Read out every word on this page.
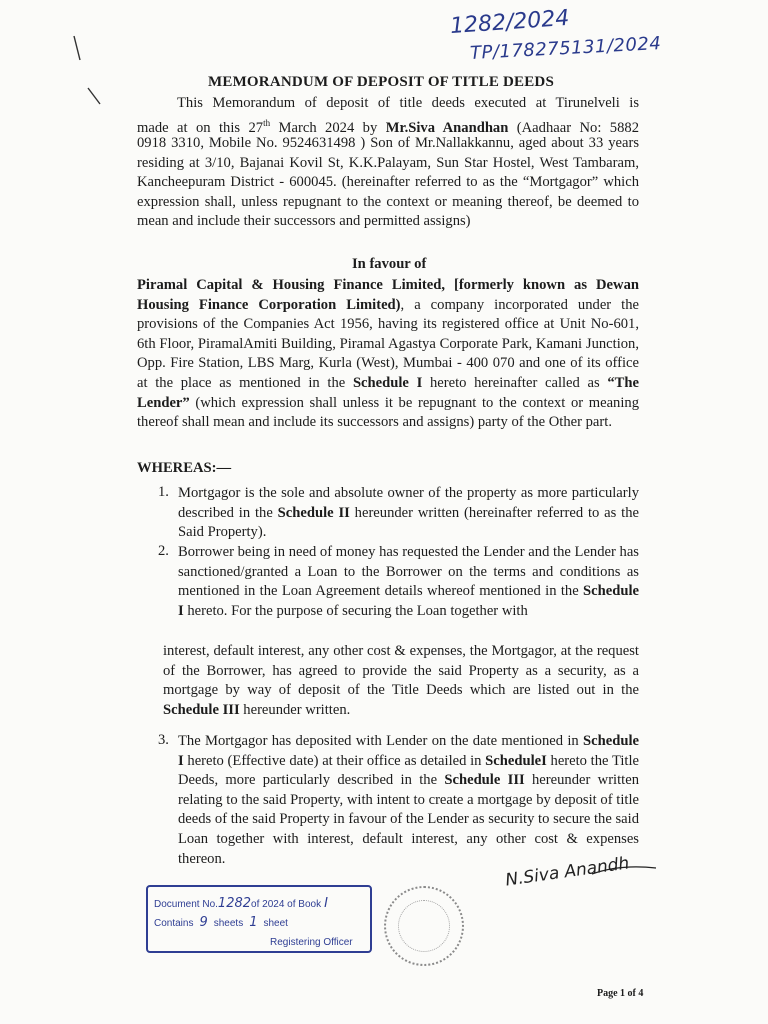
1282/2024
TP/178275131/2024
MEMORANDUM OF DEPOSIT OF TITLE DEEDS
This Memorandum of deposit of title deeds executed at Tirunelveli is
made at on this 27th March 2024 by Mr.Siva Anandhan (Aadhaar No: 5882
0918 3310, Mobile No. 9524631498 ) Son of Mr.Nallakkannu, aged about 33 years residing at 3/10, Bajanai Kovil St, K.K.Palayam, Sun Star Hostel, West Tambaram, Kancheepuram District - 600045. (hereinafter referred to as the “Mortgagor” which expression shall, unless repugnant to the context or meaning thereof, be deemed to mean and include their successors and permitted assigns)
In favour of
Piramal Capital & Housing Finance Limited, [formerly known as Dewan Housing Finance Corporation Limited), a company incorporated under the provisions of the Companies Act 1956, having its registered office at Unit No-601, 6th Floor, PiramalAmiti Building, Piramal Agastya Corporate Park, Kamani Junction, Opp. Fire Station, LBS Marg, Kurla (West), Mumbai - 400 070 and one of its office at the place as mentioned in the Schedule I hereto hereinafter called as “The Lender” (which expression shall unless it be repugnant to the context or meaning thereof shall mean and include its successors and assigns) party of the Other part.
WHEREAS:—
1. Mortgagor is the sole and absolute owner of the property as more particularly described in the Schedule II hereunder written (hereinafter referred to as the Said Property).
2. Borrower being in need of money has requested the Lender and the Lender has sanctioned/granted a Loan to the Borrower on the terms and conditions as mentioned in the Loan Agreement details whereof mentioned in the Schedule I hereto. For the purpose of securing the Loan together with
interest, default interest, any other cost & expenses, the Mortgagor, at the request of the Borrower, has agreed to provide the said Property as a security, as a mortgage by way of deposit of the Title Deeds which are listed out in the Schedule III hereunder written.
3. The Mortgagor has deposited with Lender on the date mentioned in Schedule I hereto (Effective date) at their office as detailed in ScheduleI hereto the Title Deeds, more particularly described in the Schedule III hereunder written relating to the said Property, with intent to create a mortgage by deposit of title deeds of the said Property in favour of the Lender as security to secure the said Loan together with interest, default interest, any other cost & expenses thereon.	N.Siva Anandh
Document No.1282of 2024 of Book I
Contains 9 sheets 1 sheet
Registering Officer
Page 1 of 4
